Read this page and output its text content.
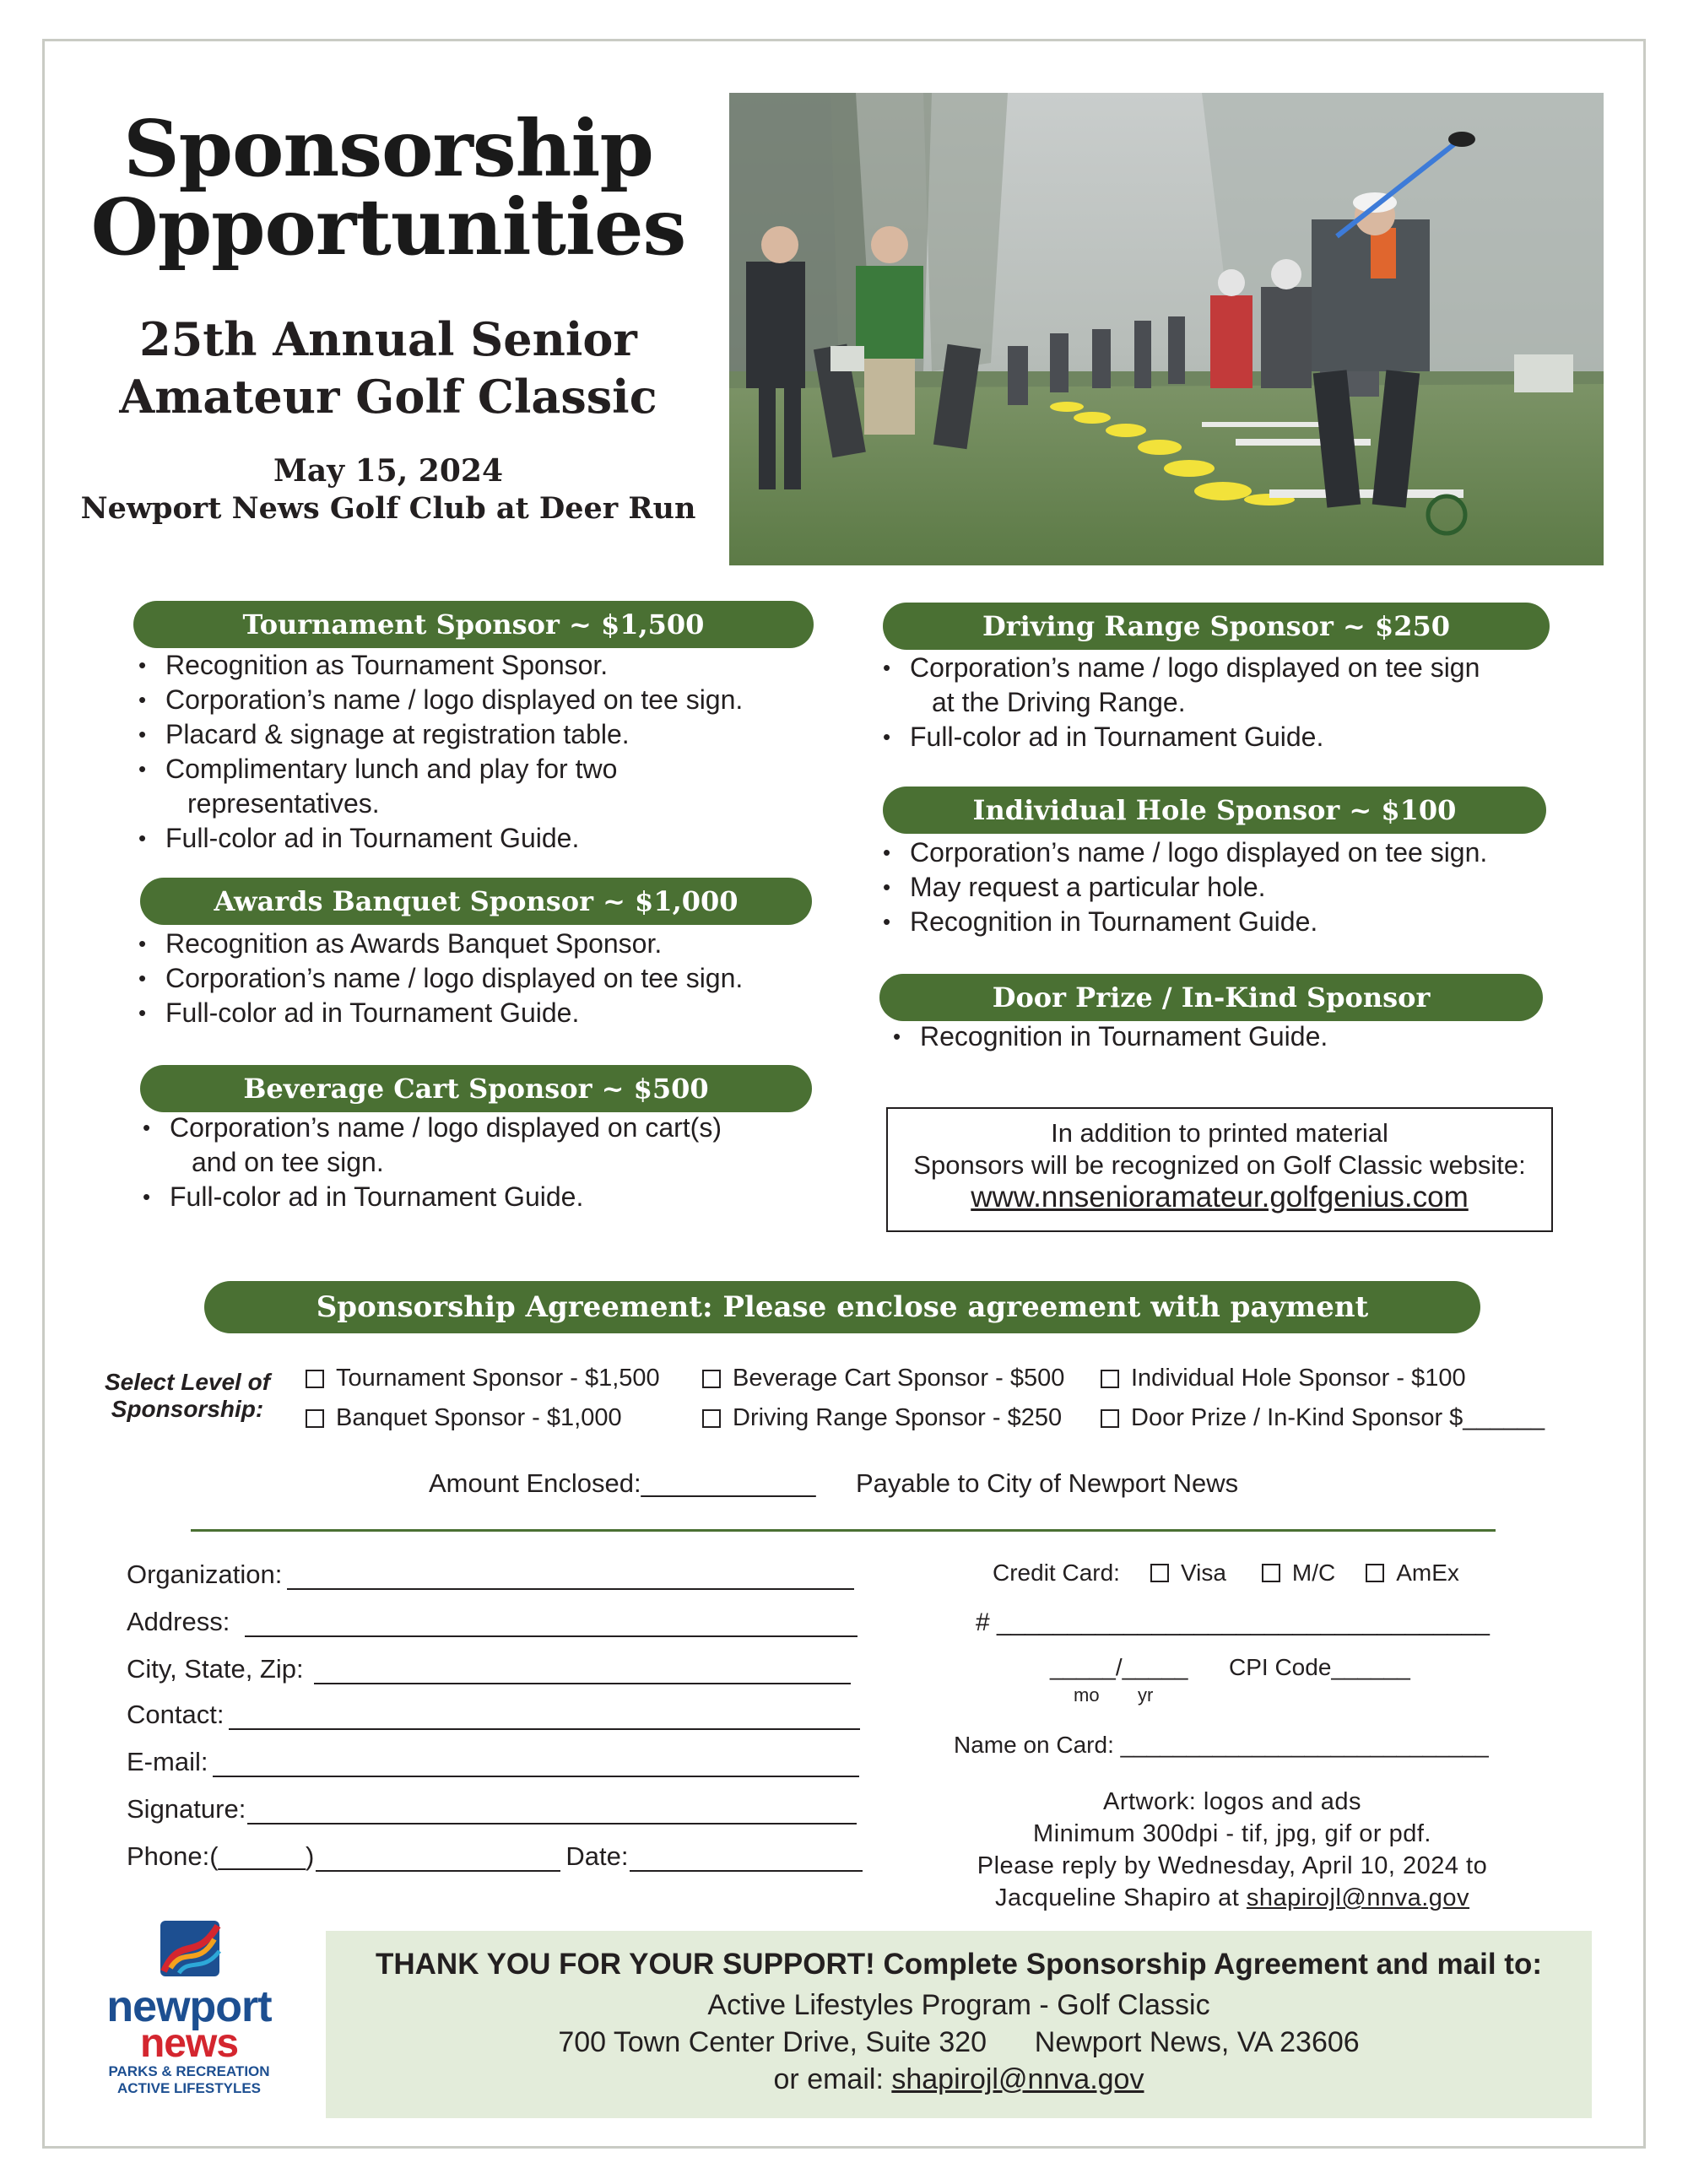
Sponsorship
Opportunities
25th Annual Senior
Amateur Golf Classic
May 15, 2024
Newport News Golf Club at Deer Run
Tournament Sponsor ~ $1,500
• Recognition as Tournament Sponsor.
• Corporation’s name / logo displayed on tee sign.
• Placard & signage at registration table.
• Complimentary lunch and play for two
representatives.
• Full-color ad in Tournament Guide.
Awards Banquet Sponsor ~ $1,000
• Recognition as Awards Banquet Sponsor.
• Corporation’s name / logo displayed on tee sign.
• Full-color ad in Tournament Guide.
Beverage Cart Sponsor ~ $500
• Corporation’s name / logo displayed on cart(s)
and on tee sign.
• Full-color ad in Tournament Guide.
Driving Range Sponsor ~ $250
• Corporation’s name / logo displayed on tee sign
at the Driving Range.
• Full-color ad in Tournament Guide.
Individual Hole Sponsor ~ $100
• Corporation’s name / logo displayed on tee sign.
• May request a particular hole.
• Recognition in Tournament Guide.
Door Prize / In-Kind Sponsor
• Recognition in Tournament Guide.
In addition to printed material
Sponsors will be recognized on Golf Classic website:
www.nnsenioramateur.golfgenius.com
Sponsorship Agreement: Please enclose agreement with payment
Select Level of
Sponsorship:
Tournament Sponsor - $1,500
Banquet Sponsor - $1,000
Beverage Cart Sponsor - $500
Driving Range Sponsor - $250
Individual Hole Sponsor - $100
Door Prize / In-Kind Sponsor $______
Amount Enclosed:____________ Payable to City of Newport News
Organization:
Address:
City, State, Zip:
Contact:
E-mail:
Signature:
Phone:(______)	Date:
Credit Card:	Visa	M/C	AmEx
# ___________________________________
_____/_____
mo yr
CPI Code______
Name on Card: ____________________________
Artwork: logos and ads
Minimum 300dpi - tif, jpg, gif or pdf.
Please reply by Wednesday, April 10, 2024 to
Jacqueline Shapiro at shapirojl@nnva.gov
newport
news
PARKS & RECREATION
ACTIVE LIFESTYLES
THANK YOU FOR YOUR SUPPORT! Complete Sponsorship Agreement and mail to:
Active Lifestyles Program - Golf Classic
700 Town Center Drive, Suite 320      Newport News, VA 23606
or email: shapirojl@nnva.gov
